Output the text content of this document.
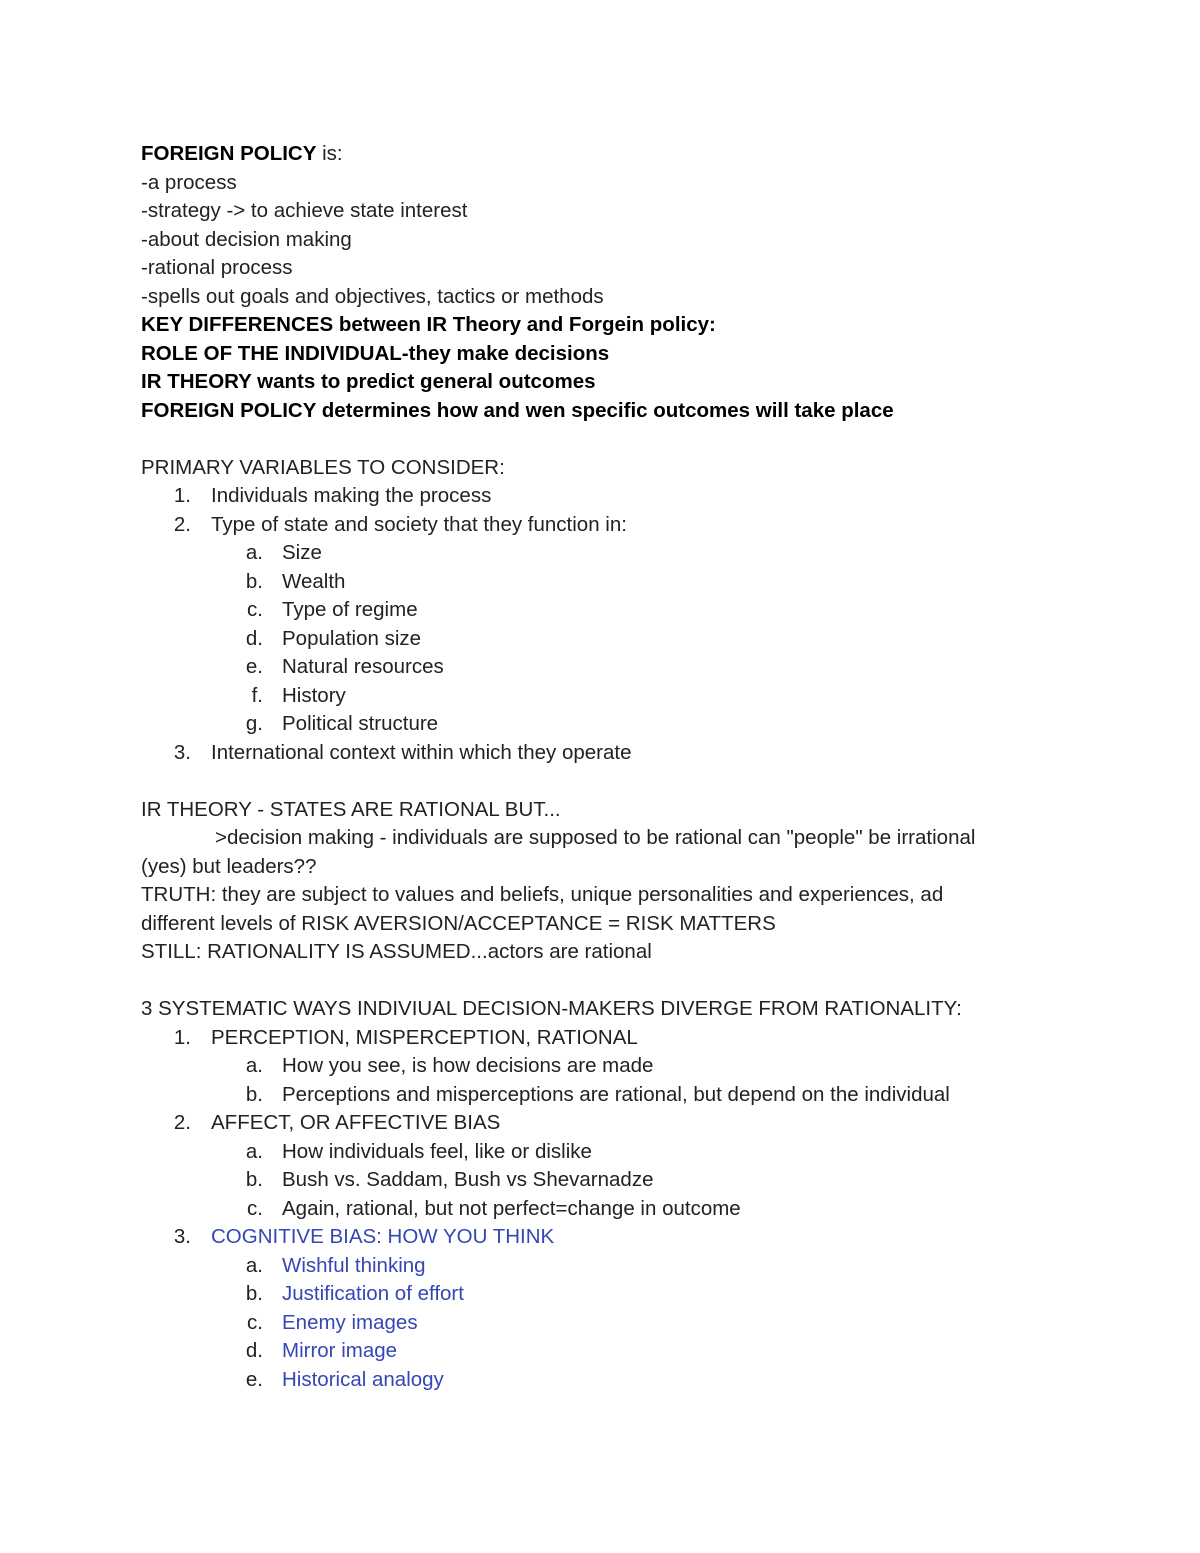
FOREIGN POLICY is:
-a process
-strategy -> to achieve state interest
-about decision making
-rational process
-spells out goals and objectives, tactics or methods
KEY DIFFERENCES between IR Theory and Forgein policy:
ROLE OF THE INDIVIDUAL-they make decisions
IR THEORY wants to predict general outcomes
FOREIGN POLICY determines how and wen specific outcomes will take place
PRIMARY VARIABLES TO CONSIDER:
1. Individuals making the process
2. Type of state and society that they function in:
a. Size
b. Wealth
c. Type of regime
d. Population size
e. Natural resources
f. History
g. Political structure
3. International context within which they operate
IR THEORY - STATES ARE RATIONAL BUT...
>decision making - individuals are supposed to be rational can "people" be irrational
(yes) but leaders??
TRUTH: they are subject to values and beliefs, unique personalities and experiences, ad
different levels of RISK AVERSION/ACCEPTANCE = RISK MATTERS
STILL: RATIONALITY IS ASSUMED...actors are rational
3 SYSTEMATIC WAYS INDIVIUAL DECISION-MAKERS DIVERGE FROM RATIONALITY:
1. PERCEPTION, MISPERCEPTION, RATIONAL
a. How you see, is how decisions are made
b. Perceptions and misperceptions are rational, but depend on the individual
2. AFFECT, OR AFFECTIVE BIAS
a. How individuals feel, like or dislike
b. Bush vs. Saddam, Bush vs Shevarnadze
c. Again, rational, but not perfect=change in outcome
3. COGNITIVE BIAS: HOW YOU THINK
a. Wishful thinking
b. Justification of effort
c. Enemy images
d. Mirror image
e. Historical analogy
